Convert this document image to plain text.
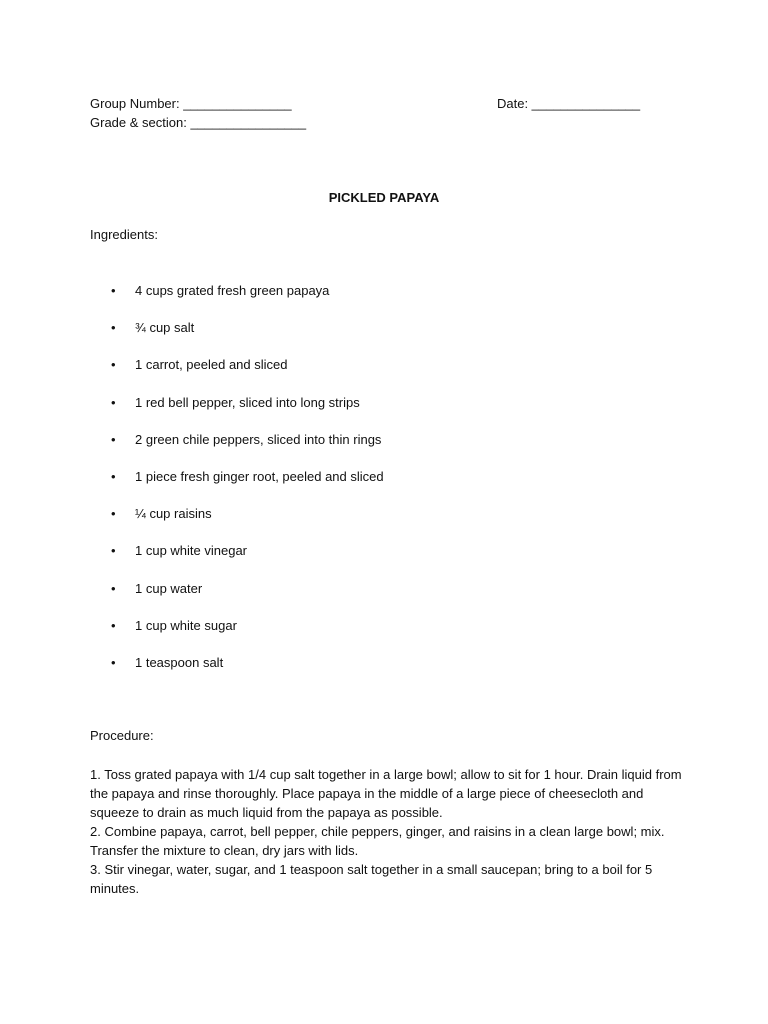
Group Number: _______________
Grade & section: ________________
Date: _______________
PICKLED PAPAYA
Ingredients:
• 4 cups grated fresh green papaya
• ¾ cup salt
• 1 carrot, peeled and sliced
• 1 red bell pepper, sliced into long strips
• 2 green chile peppers, sliced into thin rings
• 1 piece fresh ginger root, peeled and sliced
• ¼ cup raisins
• 1 cup white vinegar
• 1 cup water
• 1 cup white sugar
• 1 teaspoon salt
Procedure:

1. Toss grated papaya with 1/4 cup salt together in a large bowl; allow to sit for 1 hour. Drain liquid from the papaya and rinse thoroughly. Place papaya in the middle of a large piece of cheesecloth and squeeze to drain as much liquid from the papaya as possible.

2. Combine papaya, carrot, bell pepper, chile peppers, ginger, and raisins in a clean large bowl; mix. Transfer the mixture to clean, dry jars with lids.

3. Stir vinegar, water, sugar, and 1 teaspoon salt together in a small saucepan; bring to a boil for 5 minutes.
